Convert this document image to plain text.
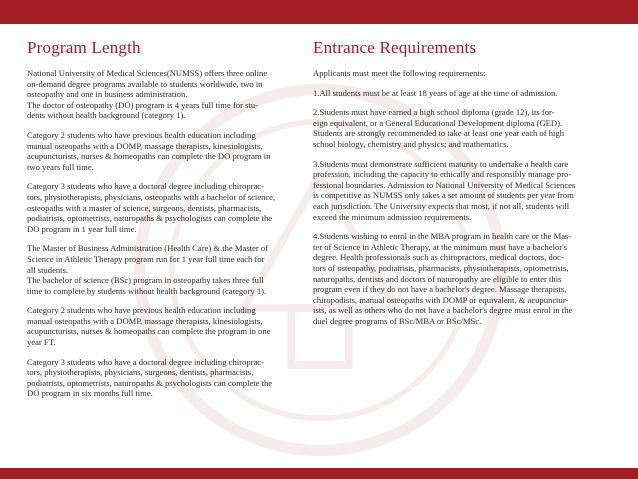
Program Length

National University of Medical Sciences(NUMSS) offers three online
on-demand degree programs available to students worldwide, two in
osteopathy and one in business administration.
The doctor of osteopathy (DO) program is 4 years full time for stu-
dents without health background (category 1).

Category 2 students who have previous health education including
manual osteopaths with a DOMP, massage therapists, kinesiologists,
acupuncturists, nurses & homeopaths can complete the DO program in
two years full time.

Category 3 students who have a doctoral degree including chiroprac-
tors, physiotherapists, physicians, osteopaths with a bachelor of science,
osteopaths with a master of science, surgeons, dentists, pharmacists,
podiatrists, optometrists, naturopaths & psychologists can complete the
DO program in 1 year full time.

The Master of Business Administration (Health Care) & the Master of
Science in Athletic Therapy program run for 1 year full time each for
all students.
The bachelor of science (BSc) program in osteopathy takes three full
time to complete by students without health background (category 1).

Category 2 students who have previous health education including
manual osteopaths with a DOMP, massage therapists, kinesiologists,
acupuncturists, nurses & homeopaths can complete the program in one
year FT.

Category 3 students who have a doctoral degree including chiroprac-
tors, physiotherapists, physicians, surgeons, dentists, pharmacists,
podiatrists, optometrists, naturopaths & psychologists can complete the
DO program in six months full time.

Entrance Requirements

Applicants must meet the following requirements:

1.All students must be at least 18 years of age at the time of admission.

2.Students must have earned a high school diploma (grade 12), its for-
eign equivalent, or a General Educational Development diploma (GED).
Students are strongly recommended to take at least one year each of high
school biology, chemistry and physics; and mathematics.

3.Students must demonstrate sufficient maturity to undertake a health care
profession, including the capacity to ethically and responsibly manage pro-
fessional boundaries. Admission to National University of Medical Sciences
is competitive as NUMSS only takes a set amount of students per year from
each jurisdiction. The University expects that most, if not all, students will
exceed the minimum admission requirements.

4.Students wishing to enrol in the MBA program in health care or the Mas-
ter of Science in Athletic Therapy, at the minimum must have a bachelor's
degree. Health professionals such as chiropractors, medical doctors, doc-
tors of osteopathy, podiatrists, pharmacists, physiotherapists, optometrists,
naturopaths, dentists and doctors of naturopathy are eligible to enter this
program even if they do not have a bachelor's degree. Massage therapists,
chiropodists, manual osteopaths with DOMP or equivalent, & acupunctur-
ists, as well as others who do not have a bachelor's degree must enrol in the
duel degree programs of BSc/MBA or BSc/MSc.
